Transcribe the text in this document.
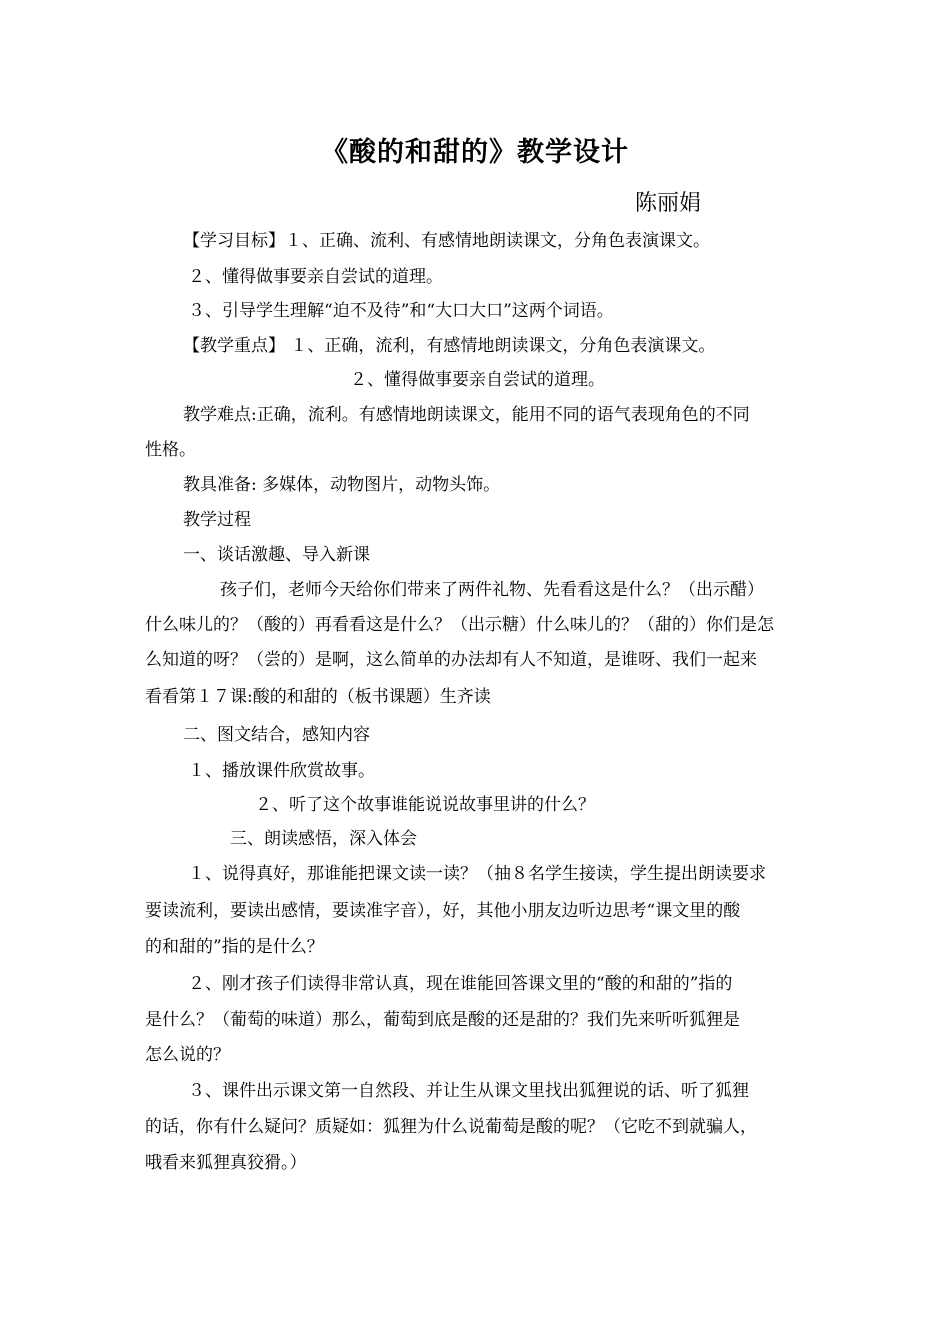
《酸的和甜的》教学设计
陈丽娟
【学习目标】１、正确、流利、有感情地朗读课文，分角色表演课文。
２、懂得做事要亲自尝试的道理。
３、引导学生理解“迫不及待”和“大口大口”这两个词语。
【教学重点】 １、正确，流利，有感情地朗读课文，分角色表演课文。
２、懂得做事要亲自尝试的道理。
教学难点:正确，流利。有感情地朗读课文，能用不同的语气表现角色的不同
性格。
教具准备: 多媒体，动物图片，动物头饰。
教学过程
一、谈话激趣、导入新课
孩子们，老师今天给你们带来了两件礼物、先看看这是什么？（出示醋）
什么味儿的？（酸的）再看看这是什么？（出示糖）什么味儿的？（甜的）你们是怎
么知道的呀？（尝的）是啊，这么简单的办法却有人不知道，是谁呀、我们一起来
看看第１７课:酸的和甜的（板书课题）生齐读
二、图文结合，感知内容
１、播放课件欣赏故事。
２、听了这个故事谁能说说故事里讲的什么？
三、朗读感悟，深入体会
１、说得真好，那谁能把课文读一读？（抽８名学生接读，学生提出朗读要求
要读流利，要读出感情，要读准字音），好，其他小朋友边听边思考“课文里的酸
的和甜的”指的是什么？
２、刚才孩子们读得非常认真，现在谁能回答课文里的“酸的和甜的”指的
是什么？（葡萄的味道）那么，葡萄到底是酸的还是甜的？我们先来听听狐狸是
怎么说的？
３、课件出示课文第一自然段、并让生从课文里找出狐狸说的话、听了狐狸
的话，你有什么疑问？质疑如：狐狸为什么说葡萄是酸的呢？（它吃不到就骗人，
哦看来狐狸真狡猾。）
